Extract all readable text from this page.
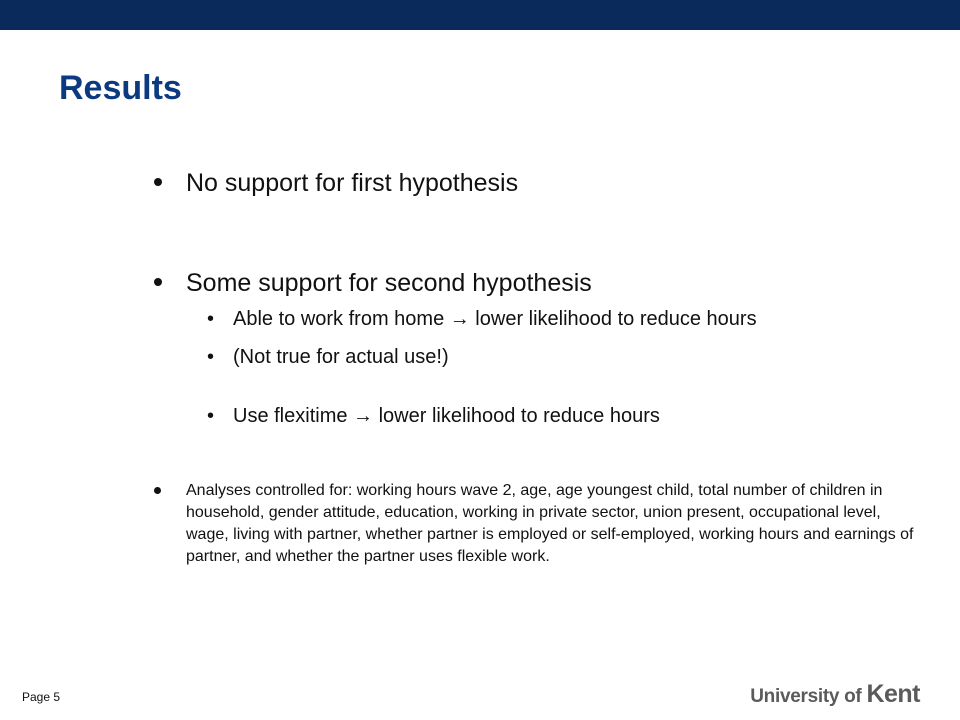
Results
No support for first hypothesis
Some support for second hypothesis
• Able to work from home → lower likelihood to reduce hours
• (Not true for actual use!)
• Use flexitime → lower likelihood to reduce hours

Analyses controlled for: working hours wave 2, age, age youngest child, total number of children in household, gender attitude, education, working in private sector, union present, occupational level, wage, living with partner, whether partner is employed or self-employed, working hours and earnings of partner, and whether the partner uses flexible work.

Page 5	University of Kent
